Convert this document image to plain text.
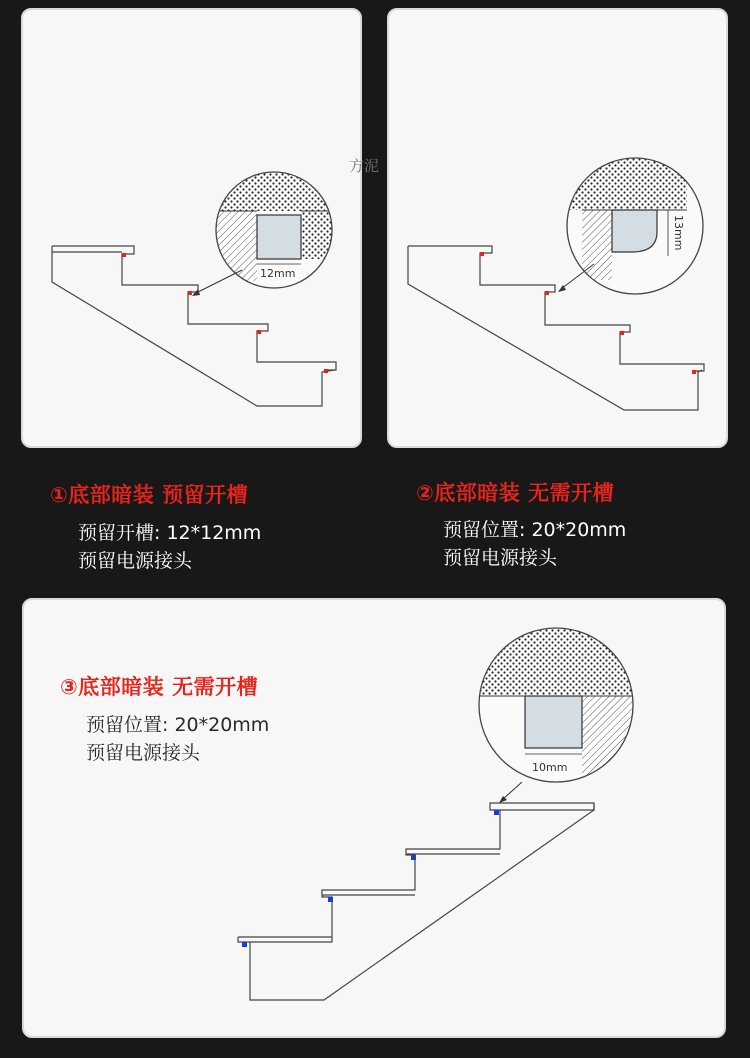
12mm
13mm
方泥
①底部暗装 预留开槽
预留开槽: 12*12mm
预留电源接头
②底部暗装 无需开槽
预留位置: 20*20mm
预留电源接头
10mm
③底部暗装 无需开槽
预留位置: 20*20mm
预留电源接头
